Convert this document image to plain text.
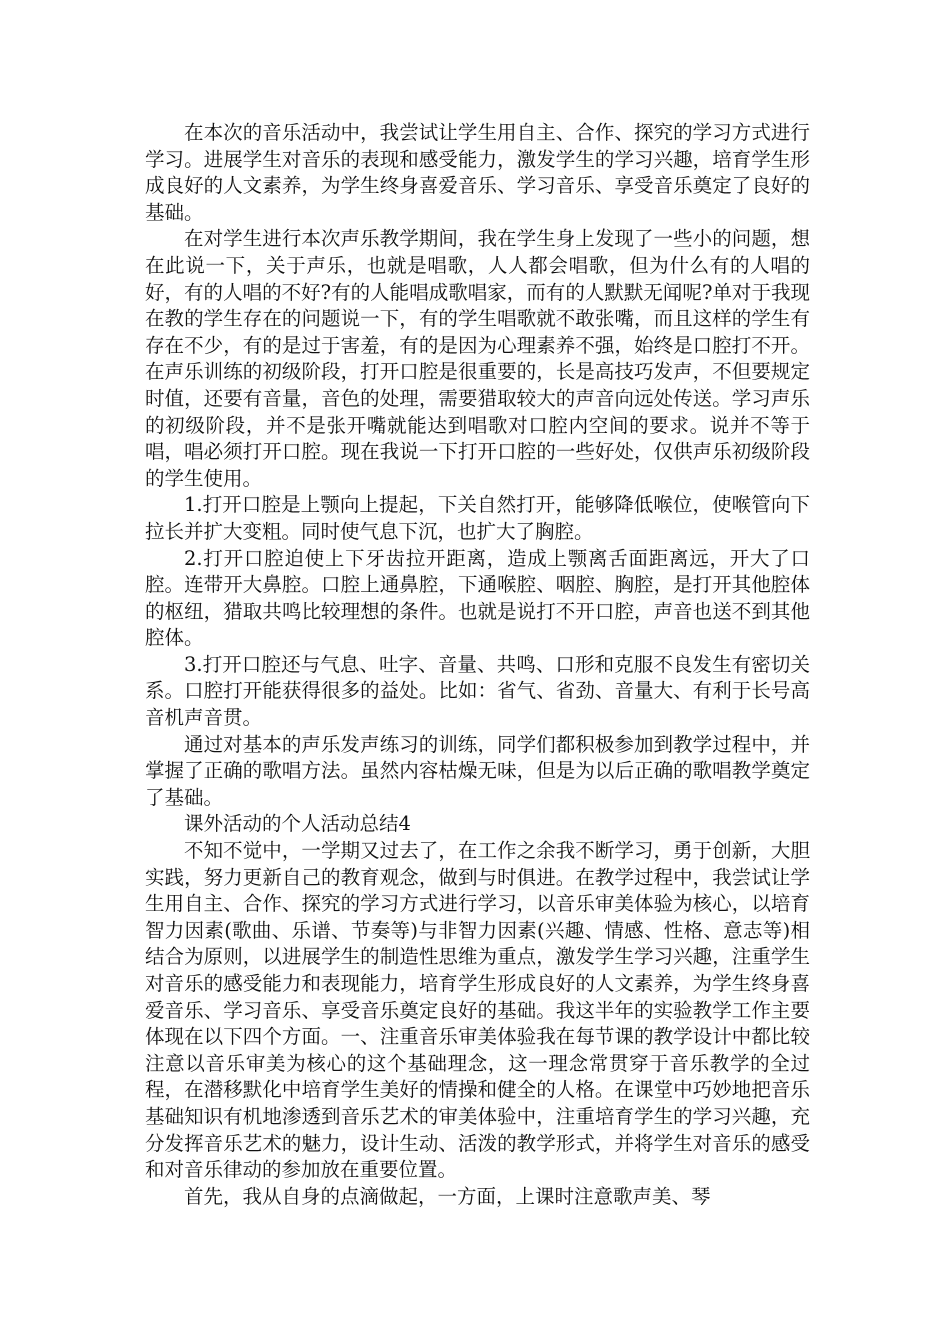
在本次的音乐活动中，我尝试让学生用自主、合作、探究的学习方式进行学习。进展学生对音乐的表现和感受能力，激发学生的学习兴趣，培育学生形成良好的人文素养，为学生终身喜爱音乐、学习音乐、享受音乐奠定了良好的基础。

在对学生进行本次声乐教学期间，我在学生身上发现了一些小的问题，想在此说一下，关于声乐，也就是唱歌，人人都会唱歌，但为什么有的人唱的好，有的人唱的不好?有的人能唱成歌唱家，而有的人默默无闻呢?单对于我现在教的学生存在的问题说一下，有的学生唱歌就不敢张嘴，而且这样的学生有存在不少，有的是过于害羞，有的是因为心理素养不强，始终是口腔打不开。在声乐训练的初级阶段，打开口腔是很重要的，长是高技巧发声，不但要规定时值，还要有音量，音色的处理，需要猎取较大的声音向远处传送。学习声乐的初级阶段，并不是张开嘴就能达到唱歌对口腔内空间的要求。说并不等于唱，唱必须打开口腔。现在我说一下打开口腔的一些好处，仅供声乐初级阶段的学生使用。

1.打开口腔是上颚向上提起，下关自然打开，能够降低喉位，使喉管向下拉长并扩大变粗。同时使气息下沉，也扩大了胸腔。

2.打开口腔迫使上下牙齿拉开距离，造成上颚离舌面距离远，开大了口腔。连带开大鼻腔。口腔上通鼻腔，下通喉腔、咽腔、胸腔，是打开其他腔体的枢纽，猎取共鸣比较理想的条件。也就是说打不开口腔，声音也送不到其他腔体。

3.打开口腔还与气息、吐字、音量、共鸣、口形和克服不良发生有密切关系。口腔打开能获得很多的益处。比如：省气、省劲、音量大、有利于长号高音机声音贯。

通过对基本的声乐发声练习的训练，同学们都积极参加到教学过程中，并掌握了正确的歌唱方法。虽然内容枯燥无味，但是为以后正确的歌唱教学奠定了基础。

课外活动的个人活动总结4

不知不觉中，一学期又过去了，在工作之余我不断学习，勇于创新，大胆实践，努力更新自己的教育观念，做到与时俱进。在教学过程中，我尝试让学生用自主、合作、探究的学习方式进行学习，以音乐审美体验为核心，以培育智力因素(歌曲、乐谱、节奏等)与非智力因素(兴趣、情感、性格、意志等)相结合为原则，以进展学生的制造性思维为重点，激发学生学习兴趣，注重学生对音乐的感受能力和表现能力，培育学生形成良好的人文素养，为学生终身喜爱音乐、学习音乐、享受音乐奠定良好的基础。我这半年的实验教学工作主要体现在以下四个方面。一、注重音乐审美体验我在每节课的教学设计中都比较注意以音乐审美为核心的这个基础理念，这一理念常贯穿于音乐教学的全过程，在潜移默化中培育学生美好的情操和健全的人格。在课堂中巧妙地把音乐基础知识有机地渗透到音乐艺术的审美体验中，注重培育学生的学习兴趣，充分发挥音乐艺术的魅力，设计生动、活泼的教学形式，并将学生对音乐的感受和对音乐律动的参加放在重要位置。

首先，我从自身的点滴做起，一方面，上课时注意歌声美、琴
